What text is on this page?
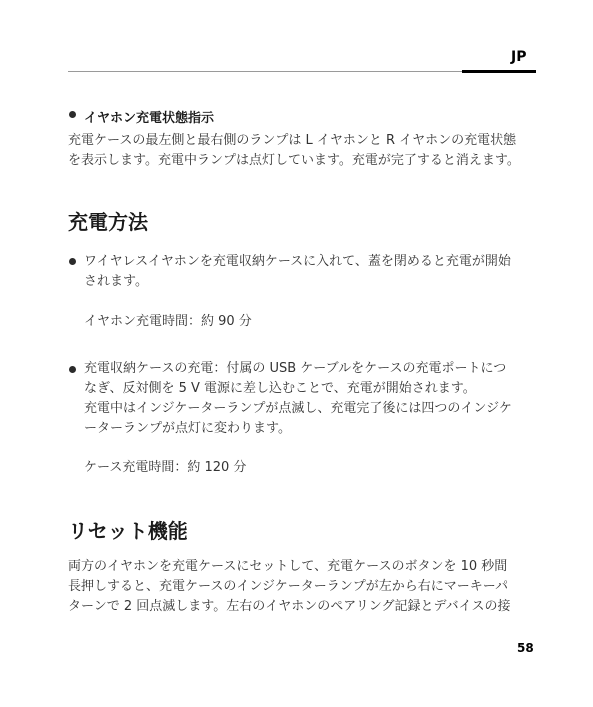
JP
イヤホン充電状態指示
充電ケースの最左側と最右側のランプは L イヤホンと R イヤホンの充電状態
を表示します。充電中ランプは点灯しています。充電が完了すると消えます。
充電方法
ワイヤレスイヤホンを充電収納ケースに入れて、蓋を閉めると充電が開始
されます。
イヤホン充電時間：約 90 分
充電収納ケースの充電：付属の USB ケーブルをケースの充電ポートにつ
なぎ、反対側を 5 V 電源に差し込むことで、充電が開始されます。
充電中はインジケーターランプが点滅し、充電完了後には四つのインジケ
ーターランプが点灯に変わります。
ケース充電時間：約 120 分
リセット機能
両方のイヤホンを充電ケースにセットして、充電ケースのボタンを 10 秒間
長押しすると、充電ケースのインジケーターランプが左から右にマーキーパ
ターンで 2 回点滅します。左右のイヤホンのペアリング記録とデバイスの接
58
